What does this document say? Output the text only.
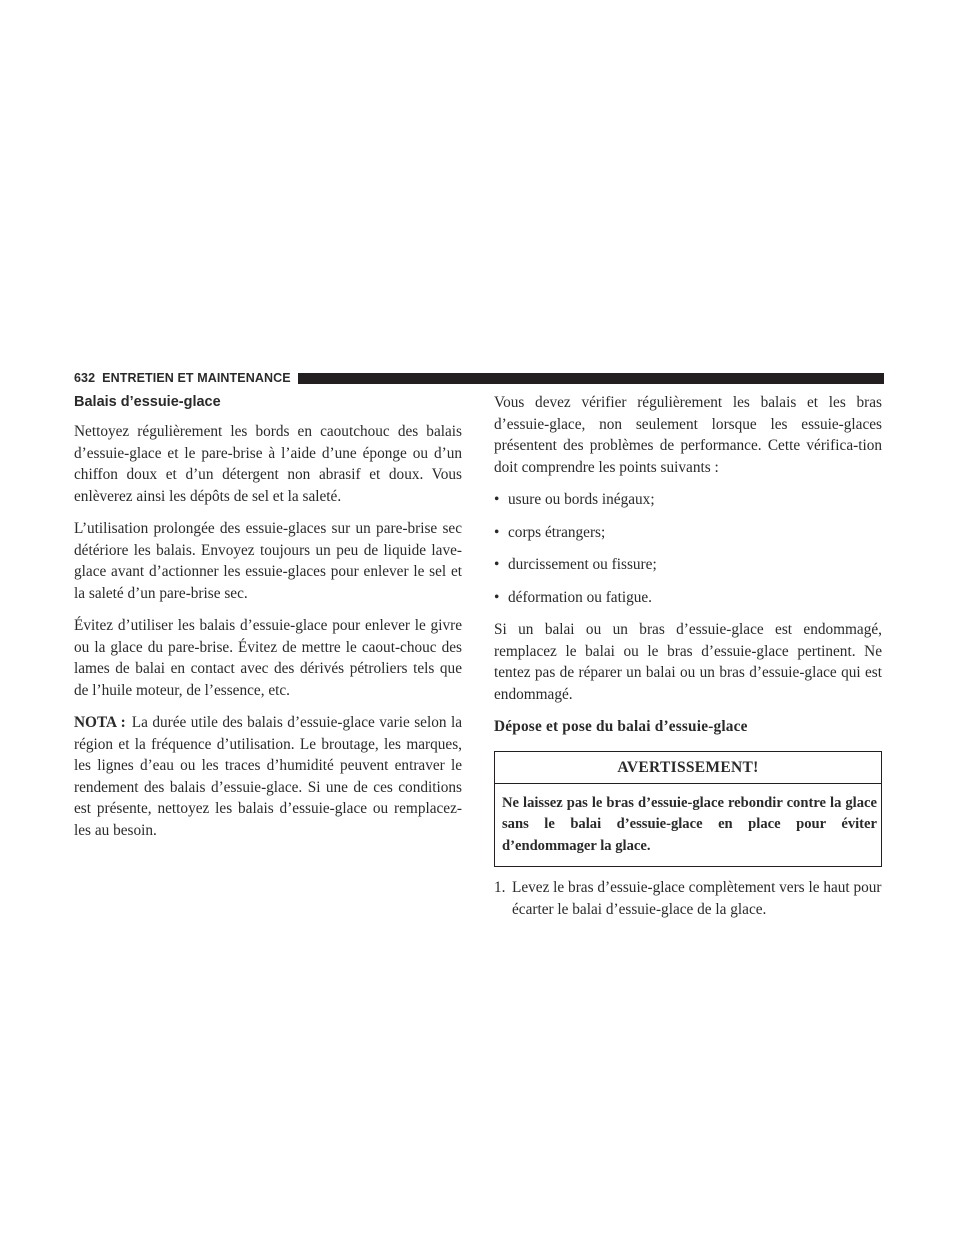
632 ENTRETIEN ET MAINTENANCE
Balais d’essuie-glace

Nettoyez régulièrement les bords en caoutchouc des balais d’essuie-glace et le pare-brise à l’aide d’une éponge ou d’un chiffon doux et d’un détergent non abrasif et doux. Vous enlèverez ainsi les dépôts de sel et la saleté.

L’utilisation prolongée des essuie-glaces sur un pare-brise sec détériore les balais. Envoyez toujours un peu de liquide lave-glace avant d’actionner les essuie-glaces pour enlever le sel et la saleté d’un pare-brise sec.

Évitez d’utiliser les balais d’essuie-glace pour enlever le givre ou la glace du pare-brise. Évitez de mettre le caout-chouc des lames de balai en contact avec des dérivés pétroliers tels que de l’huile moteur, de l’essence, etc.

NOTA : La durée utile des balais d’essuie-glace varie selon la région et la fréquence d’utilisation. Le broutage, les marques, les lignes d’eau ou les traces d’humidité peuvent entraver le rendement des balais d’essuie-glace. Si une de ces conditions est présente, nettoyez les balais d’essuie-glace ou remplacez-les au besoin.

Vous devez vérifier régulièrement les balais et les bras d’essuie-glace, non seulement lorsque les essuie-glaces présentent des problèmes de performance. Cette vérifica-tion doit comprendre les points suivants :

• usure ou bords inégaux;
• corps étrangers;
• durcissement ou fissure;
• déformation ou fatigue.

Si un balai ou un bras d’essuie-glace est endommagé, remplacez le balai ou le bras d’essuie-glace pertinent. Ne tentez pas de réparer un balai ou un bras d’essuie-glace qui est endommagé.

Dépose et pose du balai d’essuie-glace
AVERTISSEMENT!
Ne laissez pas le bras d’essuie-glace rebondir contre la glace sans le balai d’essuie-glace en place pour éviter d’endommager la glace.
1. Levez le bras d’essuie-glace complètement vers le haut pour écarter le balai d’essuie-glace de la glace.
